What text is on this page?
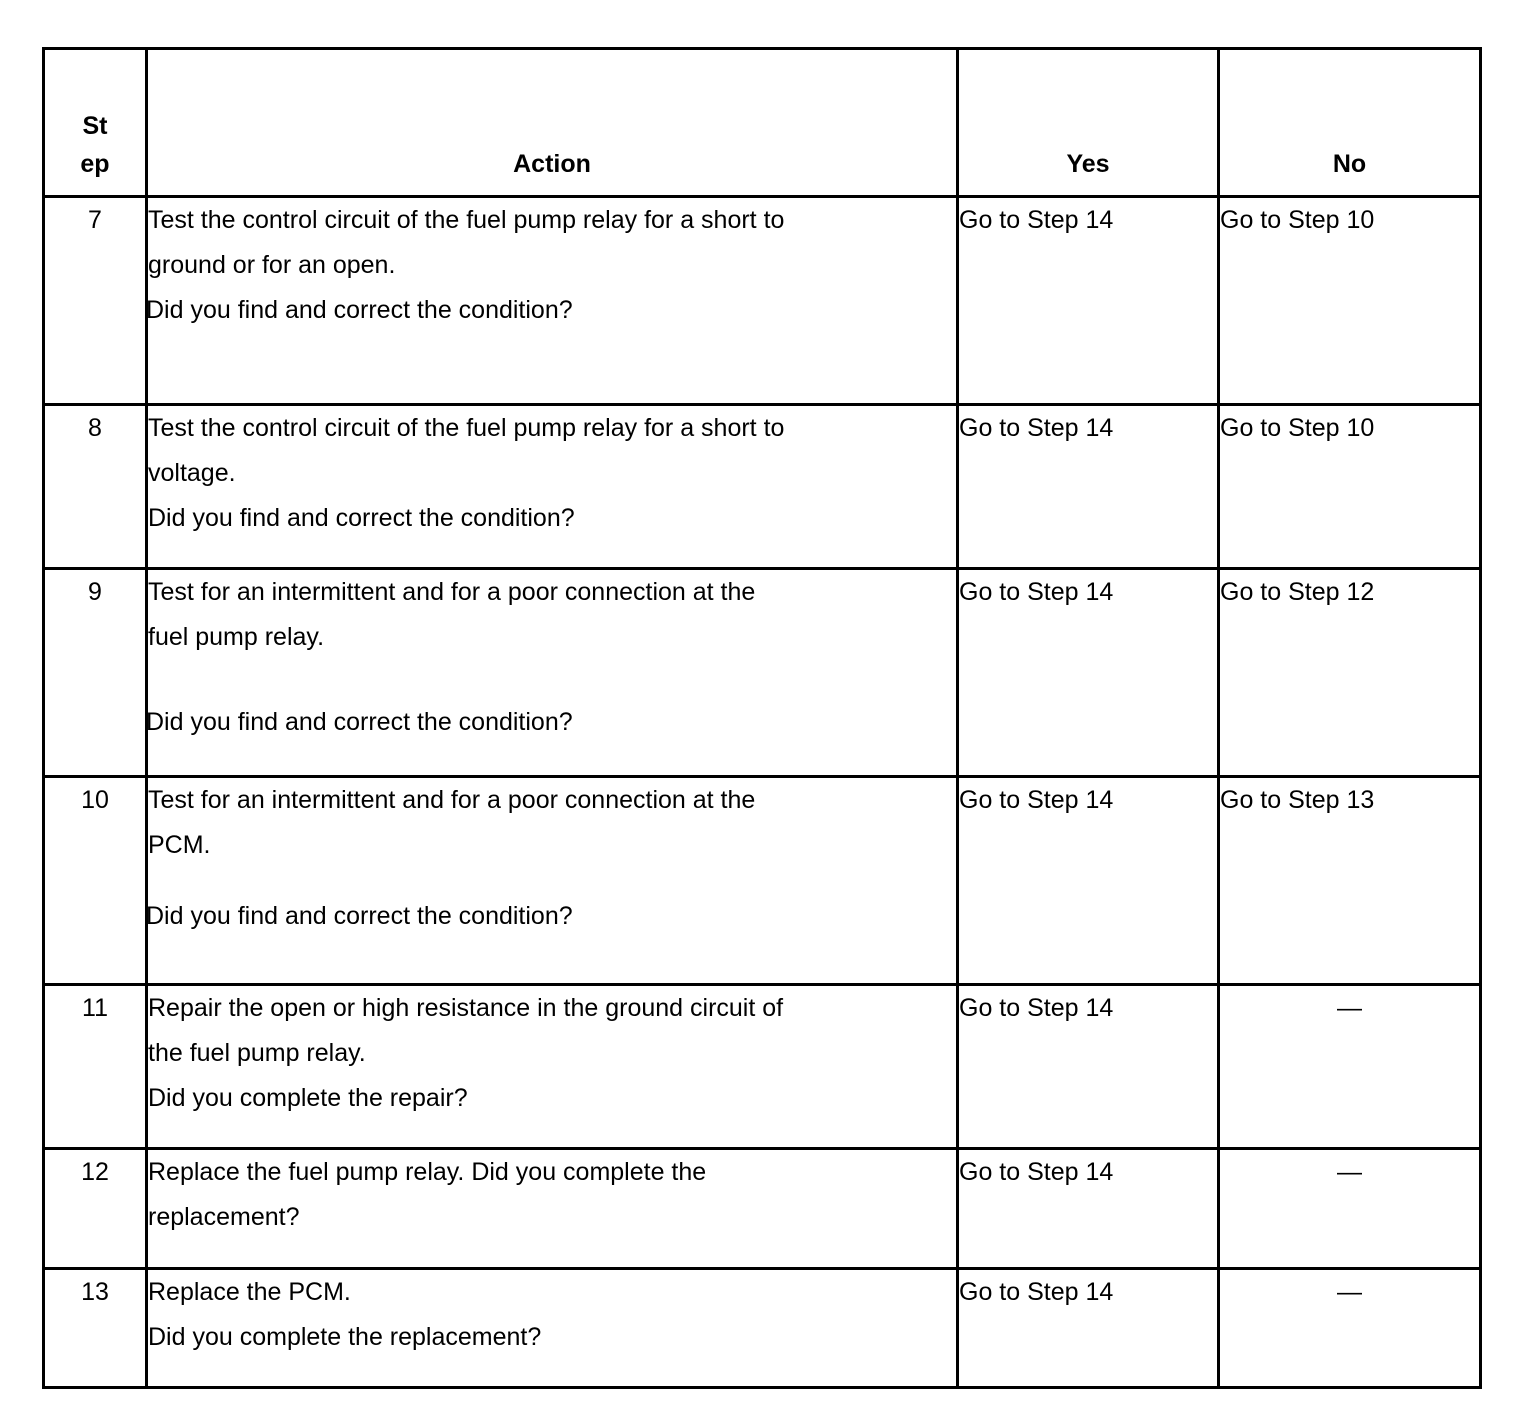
St
ep	Action	Yes	No
7	Test the control circuit of the fuel pump relay for a short to
ground or for an open.
Did you find and correct the condition?	Go to Step 14	Go to Step 10
8	Test the control circuit of the fuel pump relay for a short to
voltage.
Did you find and correct the condition?	Go to Step 14	Go to Step 10
9	Test for an intermittent and for a poor connection at the
fuel pump relay.
Did you find and correct the condition?	Go to Step 14	Go to Step 12
10	Test for an intermittent and for a poor connection at the
PCM.
Did you find and correct the condition?	Go to Step 14	Go to Step 13
11	Repair the open or high resistance in the ground circuit of
the fuel pump relay.
Did you complete the repair?	Go to Step 14	—
12	Replace the fuel pump relay. Did you complete the
replacement?	Go to Step 14	—
13	Replace the PCM.
Did you complete the replacement?	Go to Step 14	—
